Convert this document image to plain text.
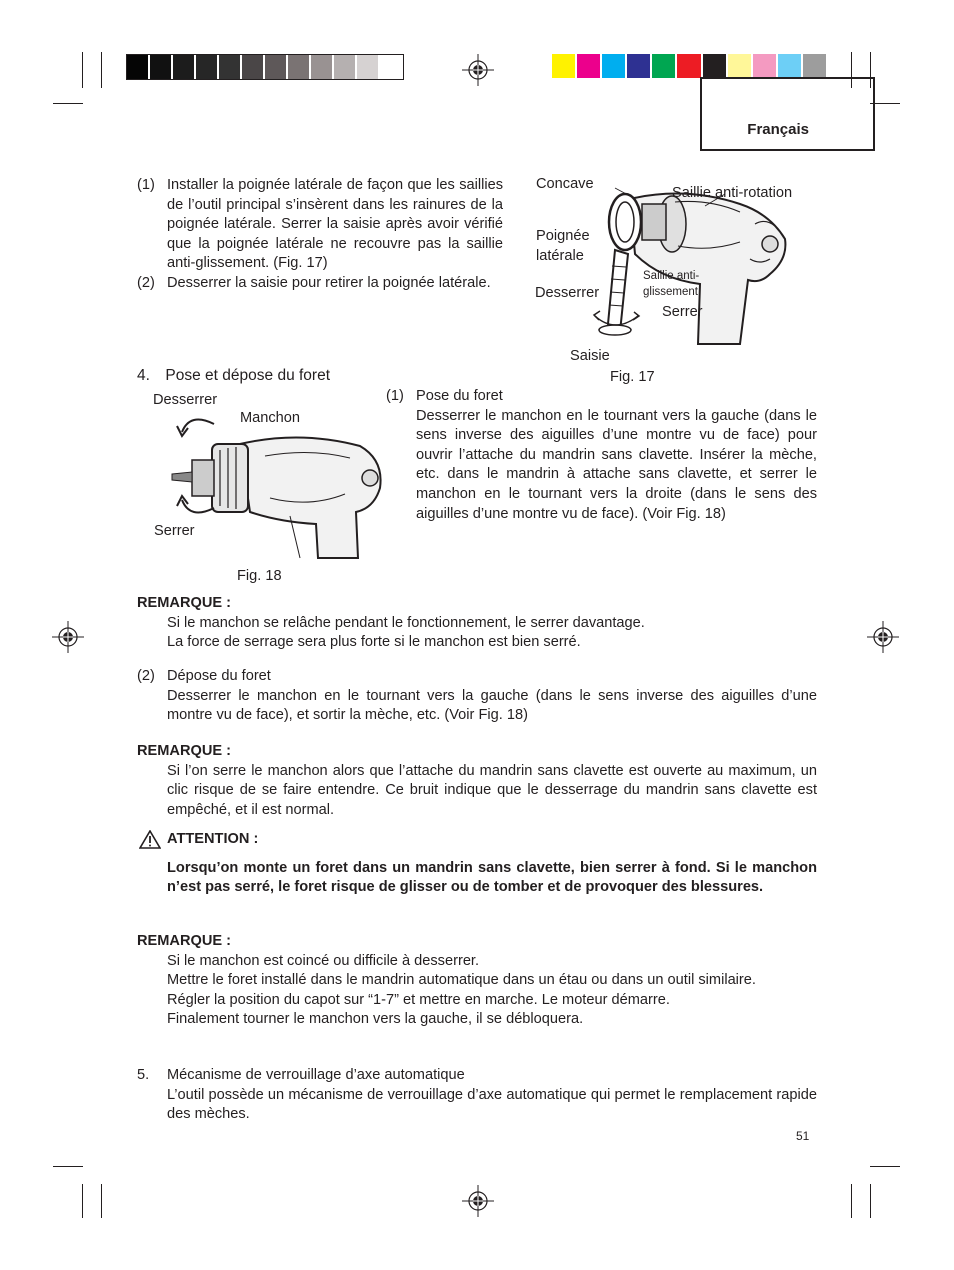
Français
(1) Installer la poignée latérale de façon que les saillies de l’outil principal s’insèrent dans les rainures de la poignée latérale. Serrer la saisie après avoir vérifié que la poignée latérale ne recouvre pas la saillie anti-glissement. (Fig. 17)

(2) Desserrer la saisie pour retirer la poignée latérale.

Concave
Saillie anti-rotation
Poignée
latérale
Desserrer
Saillie anti-
glissement
Serrer
Saisie
Fig. 17
4. Pose et dépose du foret
Desserrer
Manchon
Serrer
Fig. 18
(1) Pose du foret

Desserrer le manchon en le tournant vers la gauche (dans le sens inverse des aiguilles d’une montre vu de face) pour ouvrir l’attache du mandrin sans clavette. Insérer la mèche, etc. dans le mandrin à attache sans clavette, et serrer le manchon en le tournant vers la droite (dans le sens des aiguilles d’une montre vu de face). (Voir Fig. 18)

REMARQUE :

Si le manchon se relâche pendant le fonctionnement, le serrer davantage.

La force de serrage sera plus forte si le manchon est bien serré.

(2) Dépose du foret

Desserrer le manchon en le tournant vers la gauche (dans le sens inverse des aiguilles d’une montre vu de face), et sortir la mèche, etc. (Voir Fig. 18)

REMARQUE :

Si l’on serre le manchon alors que l’attache du mandrin sans clavette est ouverte au maximum, un clic risque de se faire entendre. Ce bruit indique que le desserrage du mandrin sans clavette est empêché, et il est normal.

ATTENTION :

Lorsqu’on monte un foret dans un mandrin sans clavette, bien serrer à fond. Si le manchon n’est pas serré, le foret risque de glisser ou de tomber et de provoquer des blessures.

REMARQUE :

Si le manchon est coincé ou difficile à desserrer.

Mettre le foret installé dans le mandrin automatique dans un étau ou dans un outil similaire.

Régler la position du capot sur “1-7” et mettre en marche. Le moteur démarre.

Finalement tourner le manchon vers la gauche, il se débloquera.

5. Mécanisme de verrouillage d’axe automatique

L’outil possède un mécanisme de verrouillage d’axe automatique qui permet le remplacement rapide des mèches.

51
